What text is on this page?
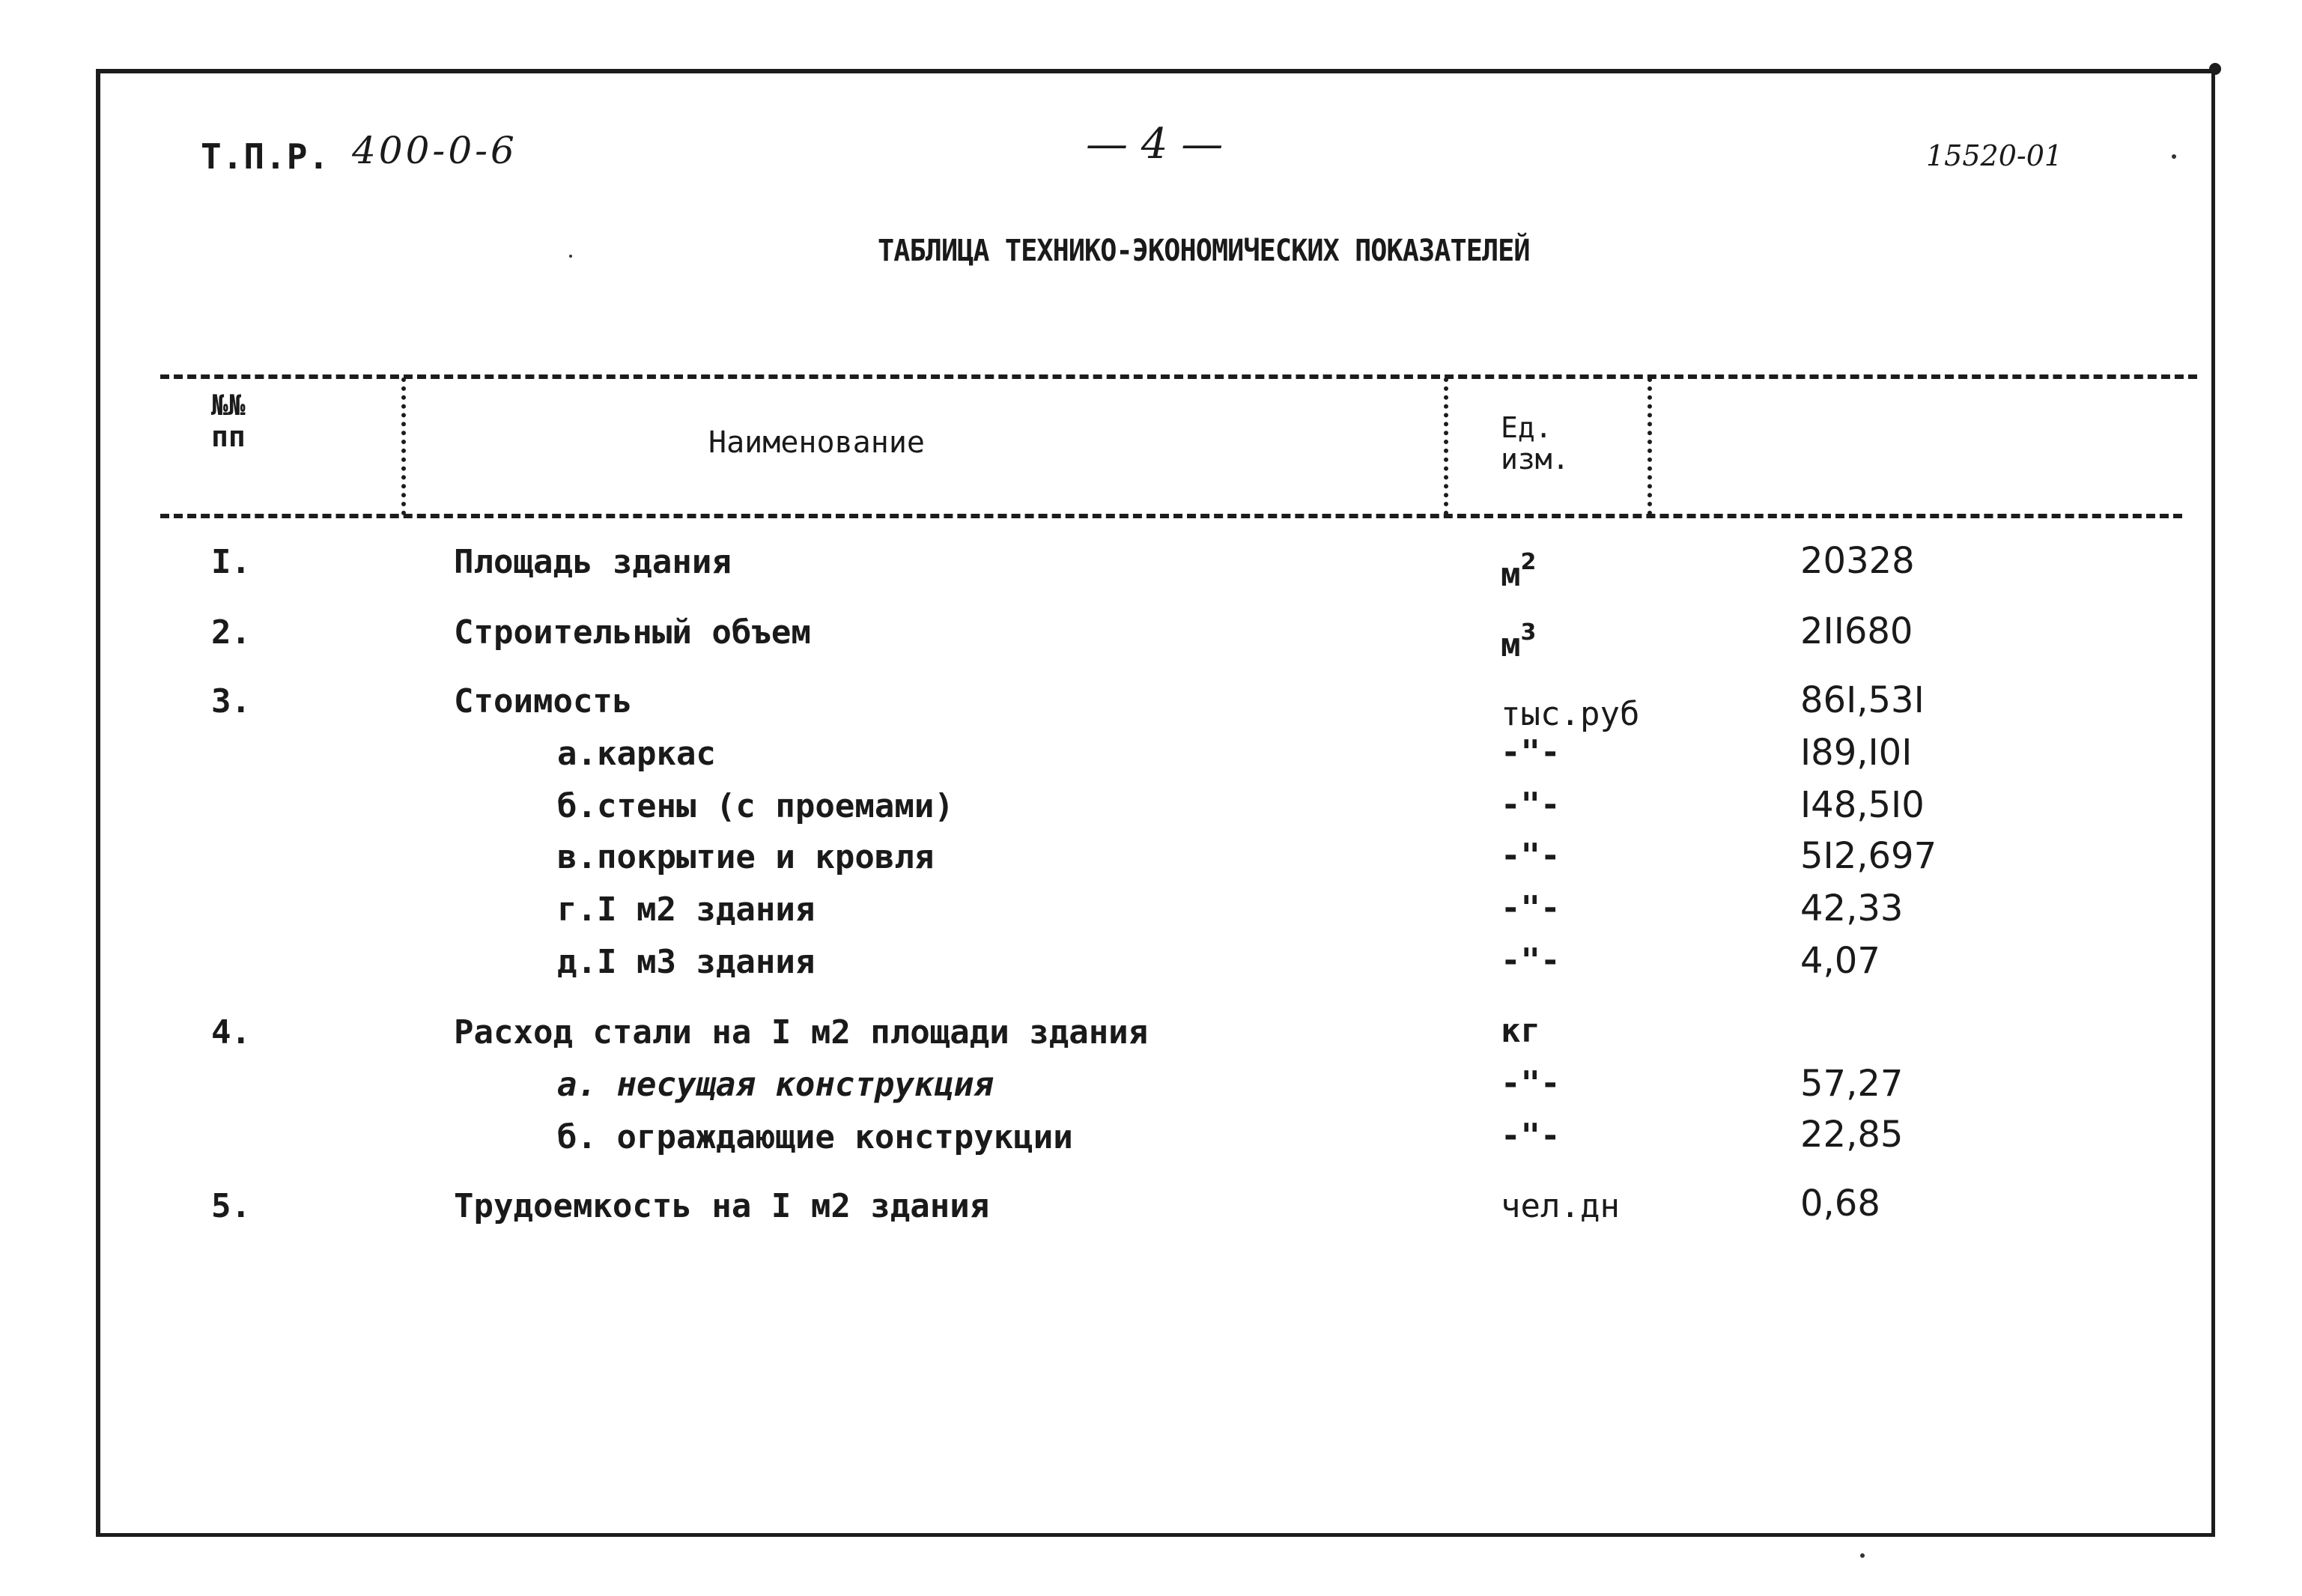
Т.П.Р. 400-0-6	— 4 —	15520-01
ТАБЛИЦА ТЕХНИКО-ЭКОНОМИЧЕСКИХ ПОКАЗАТЕЛЕЙ
№№
пп	Наименование	Ед.
изм.
I.	Площадь здания	$м^2$	20328
2.	Строительный объем	$м^3$	2II680
3.	Стоимость	тыс.руб	86I,53I
а.каркас	-"-	I89,I0I
б.стены (с проемами)	-"-	I48,5I0
в.покрытие и кровля	-"-	5I2,697
г.I м2 здания	-"-	42,33
д.I м3 здания	-"-	4,07
4.	Расход стали на I м2 площади здания	кг
а. несущая конструкция	-"-	57,27
б. ограждающие конструкции	-"-	22,85
5.	Трудоемкость на I м2 здания	чел.дн	0,68
